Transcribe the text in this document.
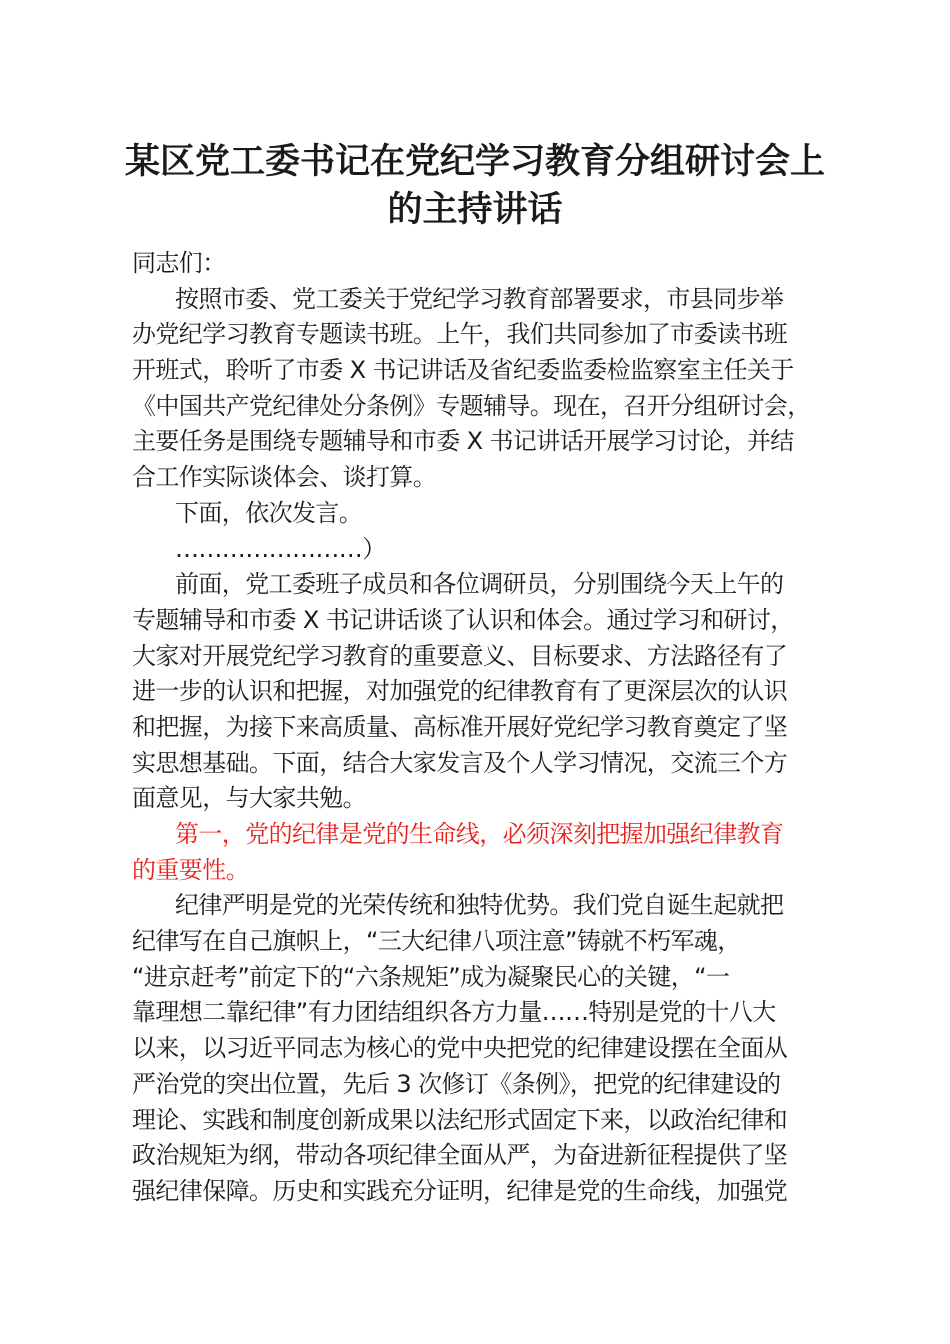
某区党工委书记在党纪学习教育分组研讨会上
的主持讲话
同志们：
按照市委、党工委关于党纪学习教育部署要求，市县同步举
办党纪学习教育专题读书班。上午，我们共同参加了市委读书班
开班式，聆听了市委 X 书记讲话及省纪委监委检监察室主任关于
《中国共产党纪律处分条例》专题辅导。现在，召开分组研讨会，
主要任务是围绕专题辅导和市委 X 书记讲话开展学习讨论，并结
合工作实际谈体会、谈打算。
下面，依次发言。
……………………）
前面，党工委班子成员和各位调研员，分别围绕今天上午的
专题辅导和市委 X 书记讲话谈了认识和体会。通过学习和研讨，
大家对开展党纪学习教育的重要意义、目标要求、方法路径有了
进一步的认识和把握，对加强党的纪律教育有了更深层次的认识
和把握，为接下来高质量、高标准开展好党纪学习教育奠定了坚
实思想基础。下面，结合大家发言及个人学习情况，交流三个方
面意见，与大家共勉。
第一，党的纪律是党的生命线，必须深刻把握加强纪律教育
的重要性。
纪律严明是党的光荣传统和独特优势。我们党自诞生起就把
纪律写在自己旗帜上，“三大纪律八项注意”铸就不朽军魂，
“进京赶考”前定下的“六条规矩”成为凝聚民心的关键，“一
靠理想二靠纪律”有力团结组织各方力量……特别是党的十八大
以来，以习近平同志为核心的党中央把党的纪律建设摆在全面从
严治党的突出位置，先后 3 次修订《条例》，把党的纪律建设的
理论、实践和制度创新成果以法纪形式固定下来，以政治纪律和
政治规矩为纲，带动各项纪律全面从严，为奋进新征程提供了坚
强纪律保障。历史和实践充分证明，纪律是党的生命线，加强党
